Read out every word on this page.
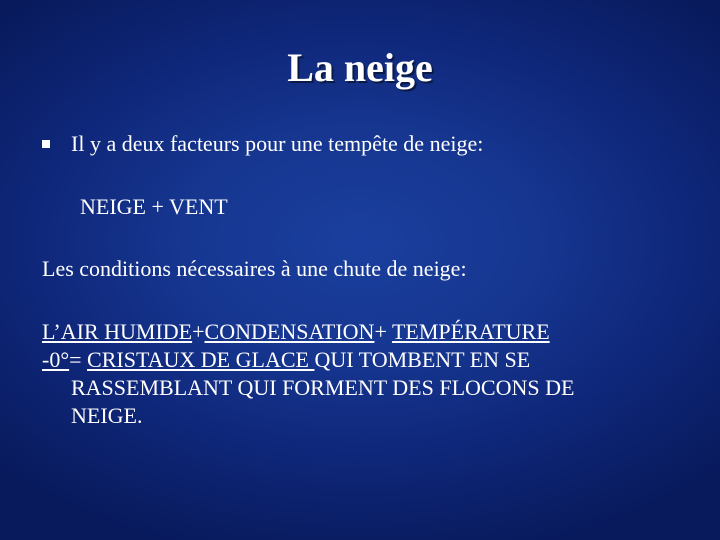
La neige
Il y a deux facteurs pour une tempête de neige:
NEIGE + VENT
Les conditions nécessaires à une chute de neige:
L’AIR HUMIDE+CONDENSATION+ TEMPÉRATURE
-0°= CRISTAUX DE GLACE QUI TOMBENT EN SE
RASSEMBLANT QUI FORMENT DES FLOCONS DE
NEIGE.
